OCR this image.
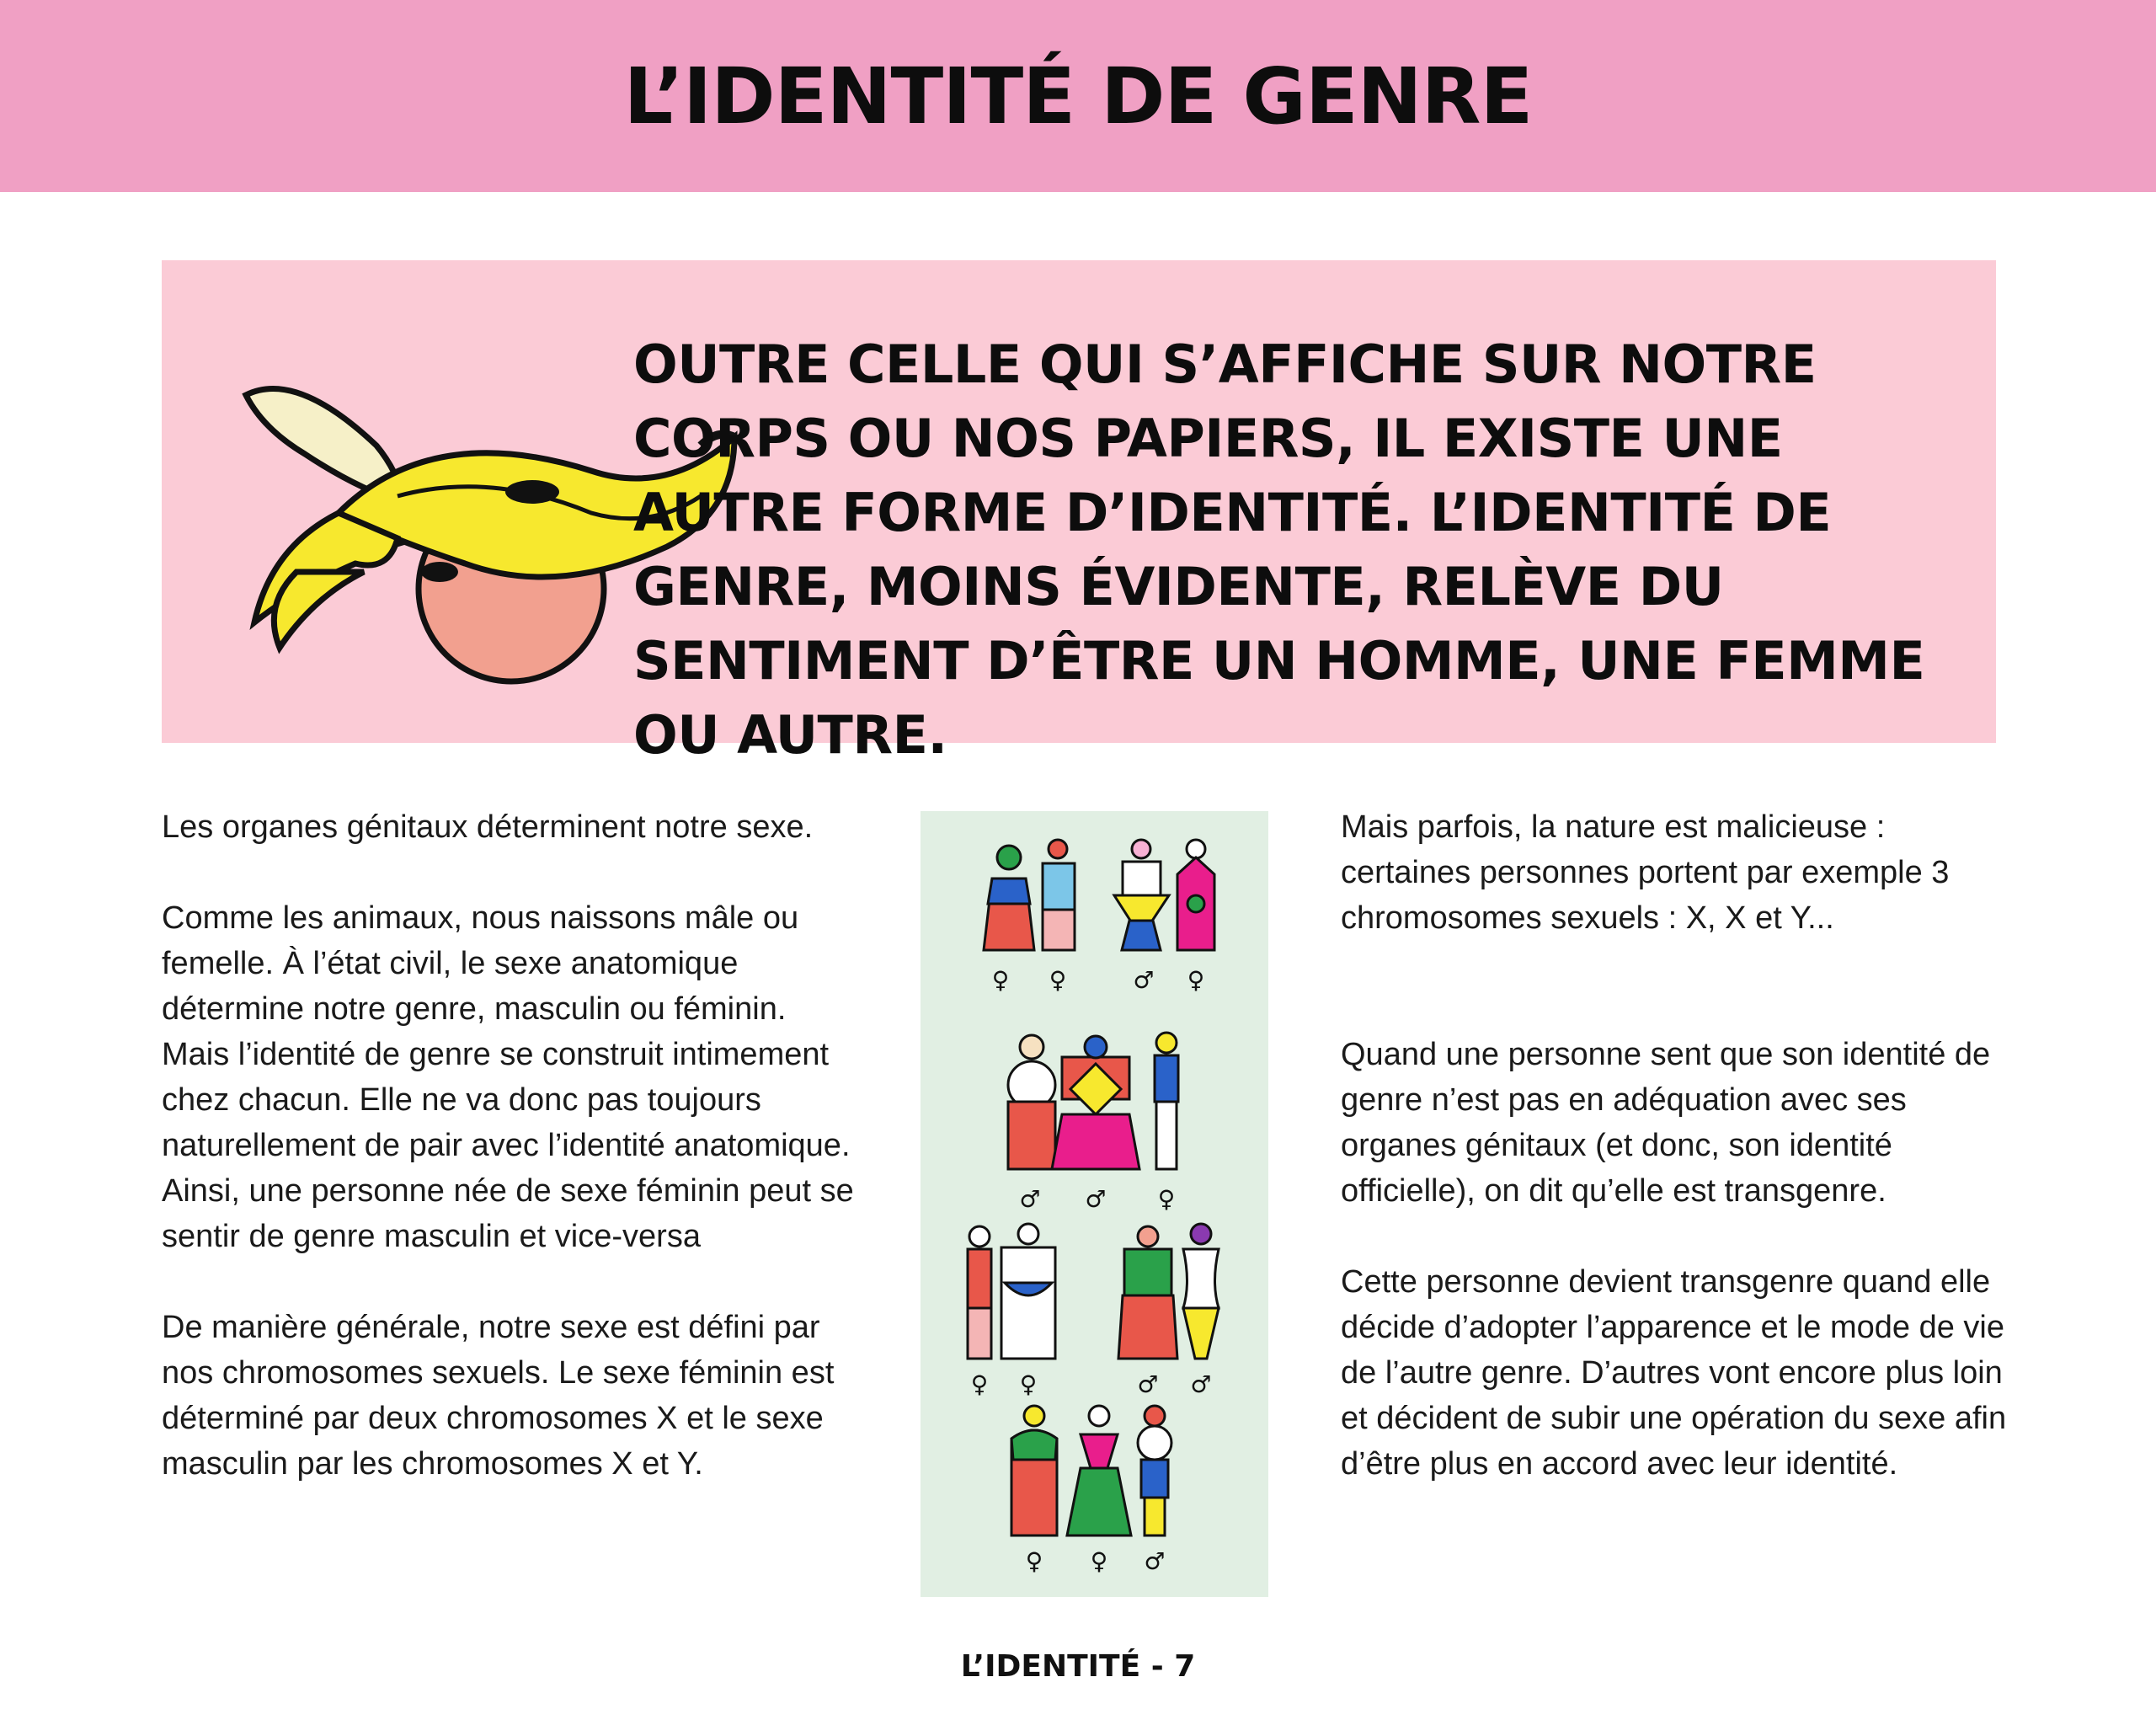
L’IDENTITÉ DE GENRE
OUTRE CELLE QUI S’AFFICHE SUR NOTRE CORPS OU NOS PAPIERS, IL EXISTE UNE AUTRE FORME D’IDENTITÉ. L’IDENTITÉ DE GENRE, MOINS ÉVIDENTE, RELÈVE DU SENTIMENT D’ÊTRE UN HOMME, UNE FEMME OU AUTRE.

Les organes génitaux déterminent notre sexe.

Comme les animaux, nous naissons mâle ou femelle. À l’état civil, le sexe anatomique détermine notre genre, masculin ou féminin. Mais l’identité de genre se construit intimement chez chacun. Elle ne va donc pas toujours naturellement de pair avec l’identité anatomique. Ainsi, une personne née de sexe féminin peut se sentir de genre masculin et vice-versa

De manière générale, notre sexe est défini par nos chromosomes sexuels. Le sexe féminin est déterminé par deux chromosomes X et le sexe masculin par les chromosomes X et Y.

♀ ♀	♂ ♀
♂ ♂ ♀
♀ ♀	♂ ♂
♀ ♀ ♂

Mais parfois, la nature est malicieuse : certaines personnes portent par exemple 3 chromosomes sexuels : X, X et Y...

Quand une personne sent que son identité de genre n’est pas en adéquation avec ses organes génitaux (et donc, son identité officielle), on dit qu’elle est transgenre.

Cette personne devient transgenre quand elle décide d’adopter l’apparence et le mode de vie de l’autre genre. D’autres vont encore plus loin et décident de subir une opération du sexe afin d’être plus en accord avec leur identité.

L’IDENTITÉ - 7
